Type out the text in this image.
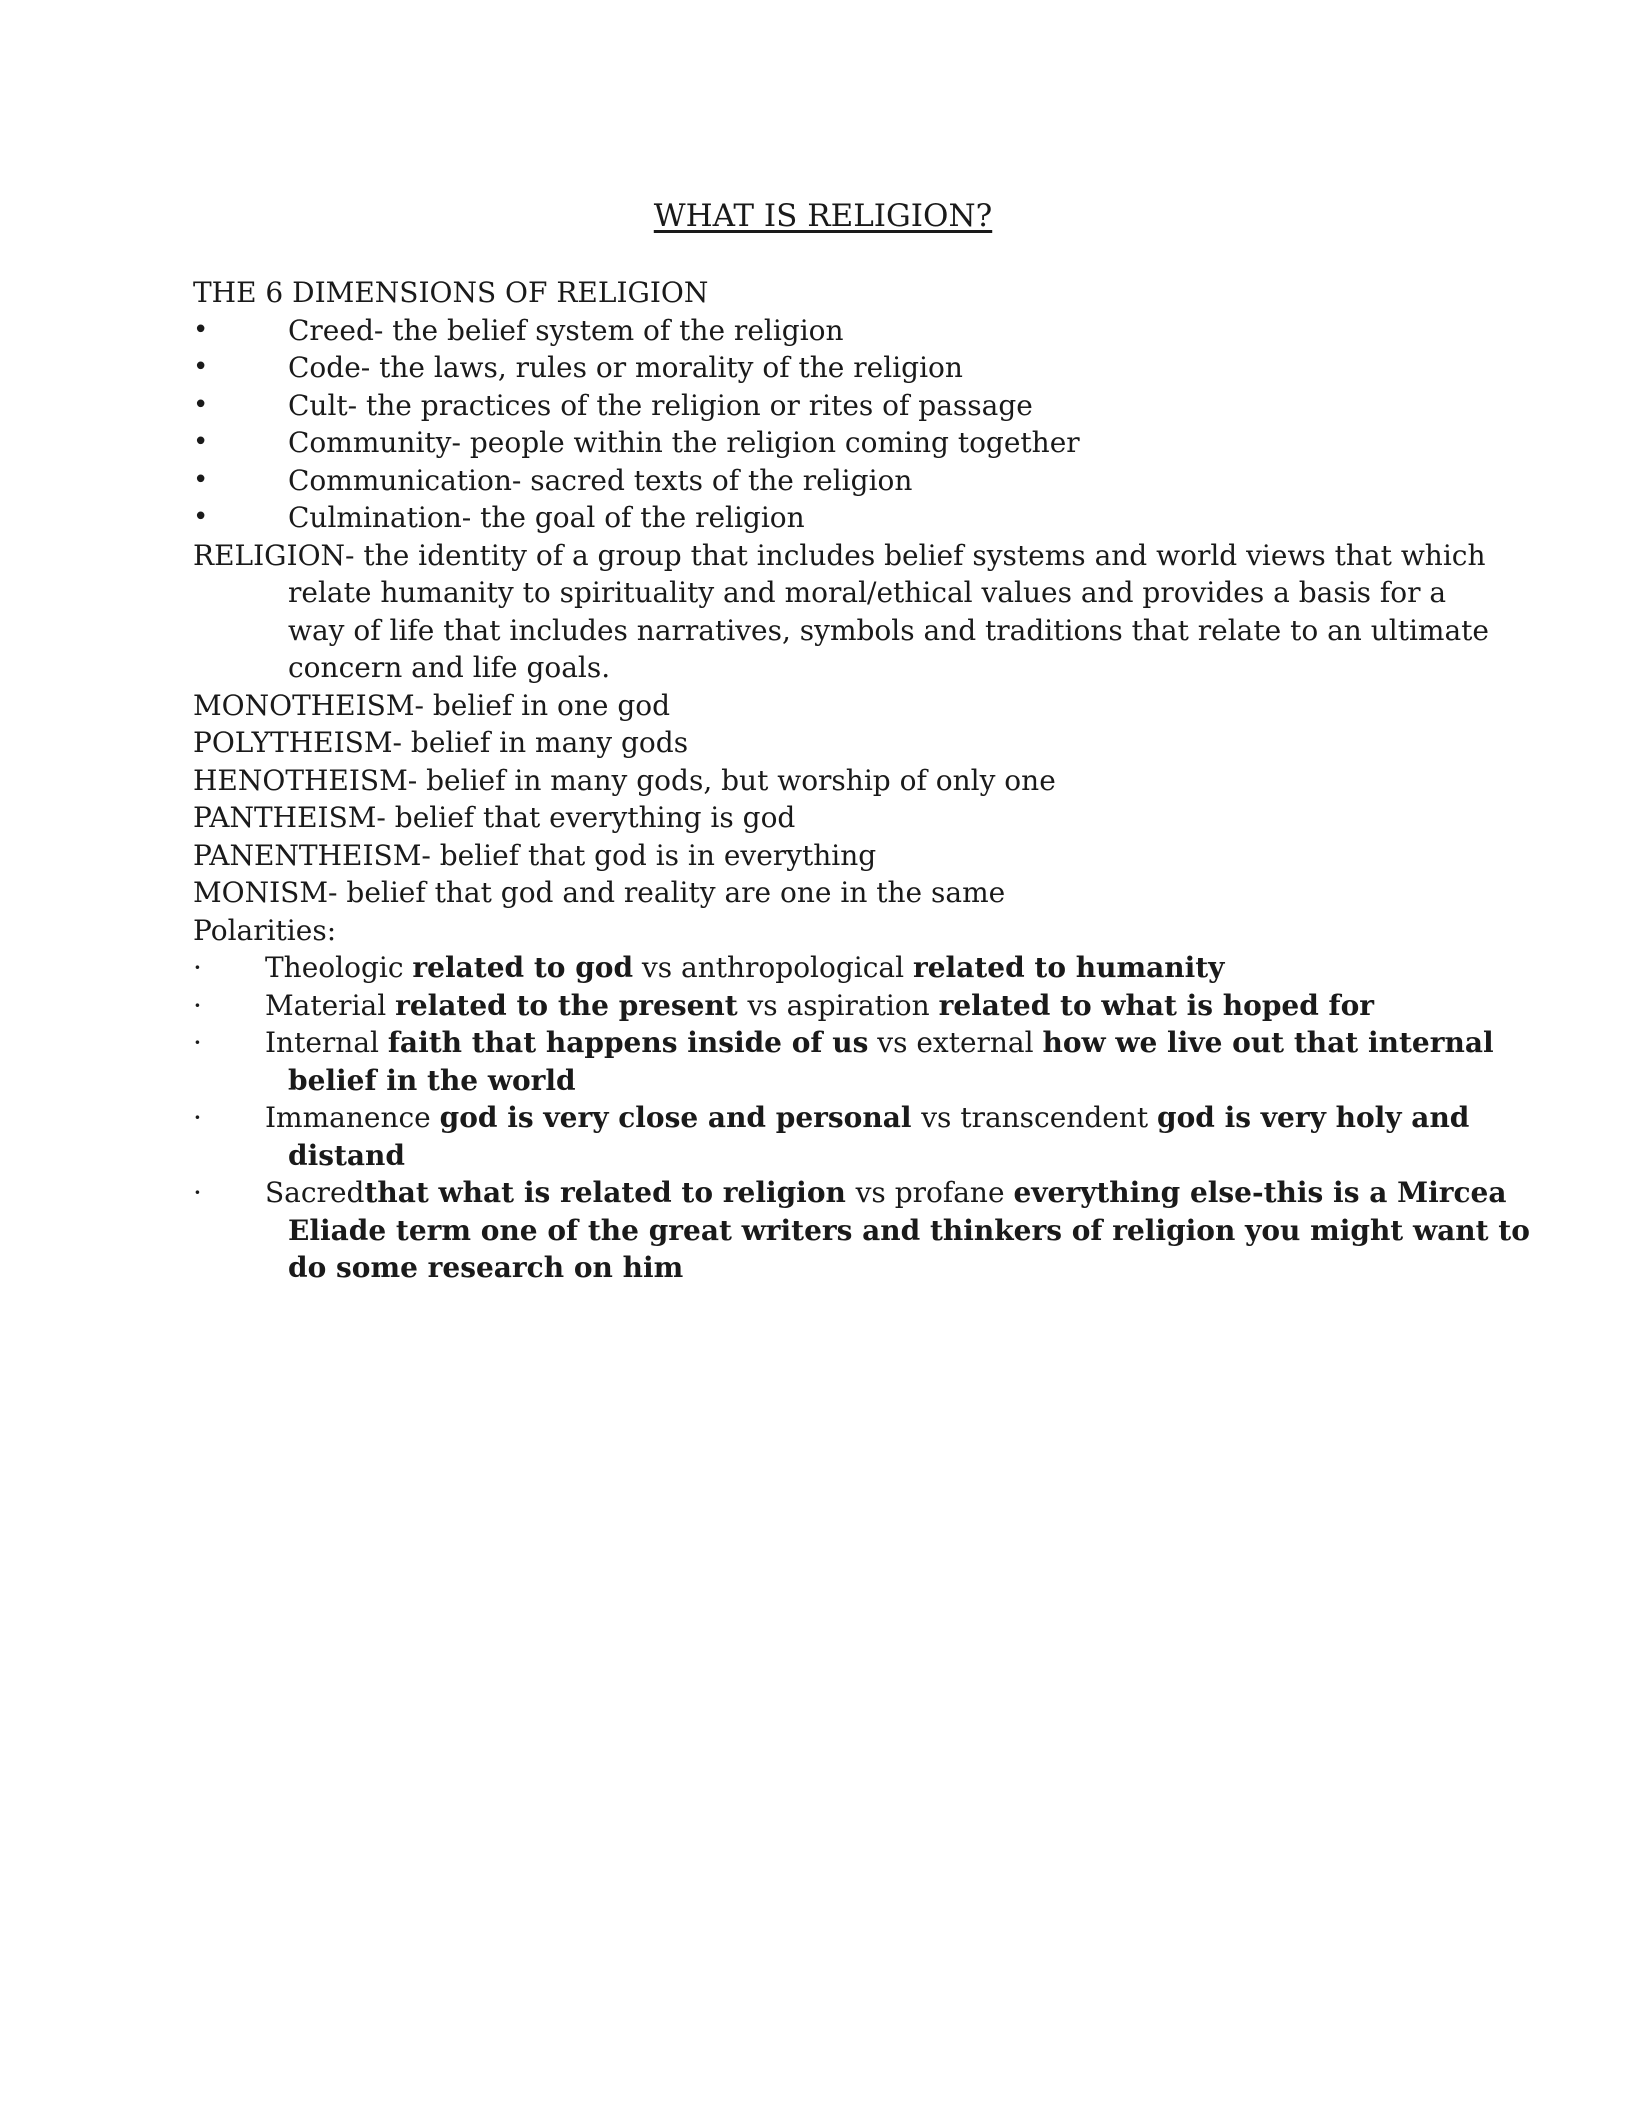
WHAT IS RELIGION?
THE 6 DIMENSIONS OF RELIGION
•	Creed- the belief system of the religion
•	Code- the laws, rules or morality of the religion
•	Cult- the practices of the religion or rites of passage
•	Community- people within the religion coming together
•	Communication- sacred texts of the religion
•	Culmination- the goal of the religion
RELIGION- the identity of a group that includes belief systems and world views that which
relate humanity to spirituality and moral/ethical values and provides a basis for a
way of life that includes narratives, symbols and traditions that relate to an ultimate
concern and life goals.
MONOTHEISM- belief in one god
POLYTHEISM- belief in many gods
HENOTHEISM- belief in many gods, but worship of only one
PANTHEISM- belief that everything is god
PANENTHEISM- belief that god is in everything
MONISM- belief that god and reality are one in the same
Polarities:
·	Theologic related to god vs anthropological related to humanity
·	Material related to the present vs aspiration related to what is hoped for
·	Internal faith that happens inside of us vs external how we live out that internal
belief in the world
·	Immanence god is very close and personal vs transcendent god is very holy and
distand
·	Sacredthat what is related to religion vs profane everything else-this is a Mircea
Eliade term one of the great writers and thinkers of religion you might want to
do some research on him
